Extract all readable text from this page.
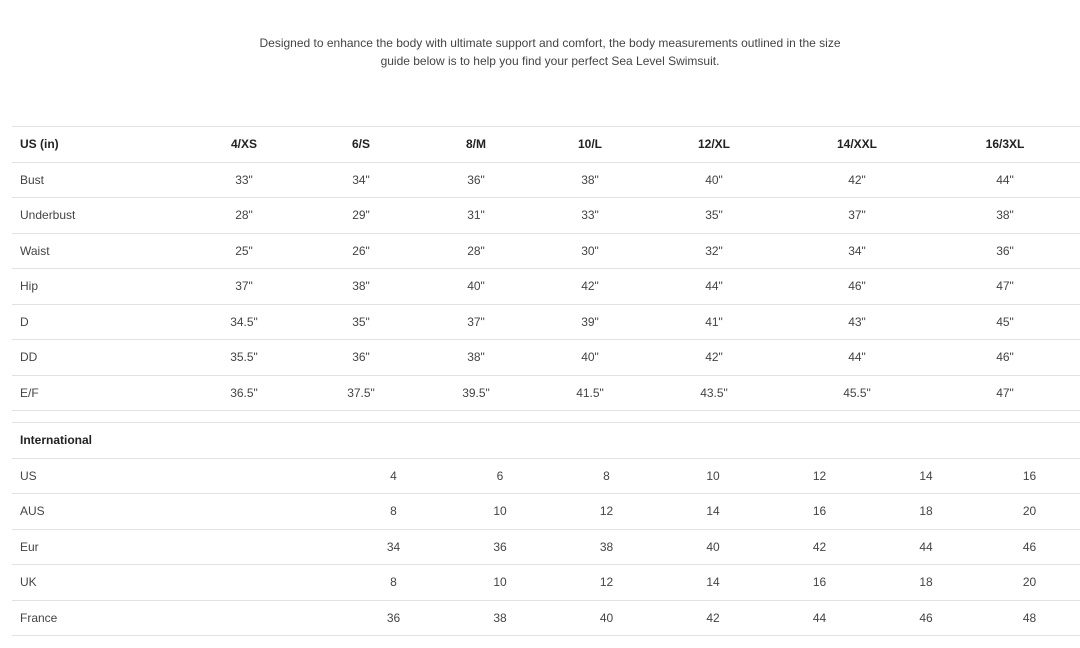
Designed to enhance the body with ultimate support and comfort, the body measurements outlined in the size

guide below is to help you find your perfect Sea Level Swimsuit.

US (in)	4/XS	6/S	8/M	10/L	12/XL	14/XXL	16/3XL
Bust	33"	34"	36"	38"	40"	42"	44"
Underbust	28"	29"	31"	33"	35"	37"	38"
Waist	25"	26"	28"	30"	32"	34"	36"
Hip	37"	38"	40"	42"	44"	46"	47"
D	34.5"	35"	37"	39"	41"	43"	45"
DD	35.5"	36"	38"	40"	42"	44"	46"
E/F	36.5"	37.5"	39.5"	41.5"	43.5"	45.5"	47"
International							
US	4	6	8	10	12	14	16
AUS	8	10	12	14	16	18	20
Eur	34	36	38	40	42	44	46
UK	8	10	12	14	16	18	20
France	36	38	40	42	44	46	48
